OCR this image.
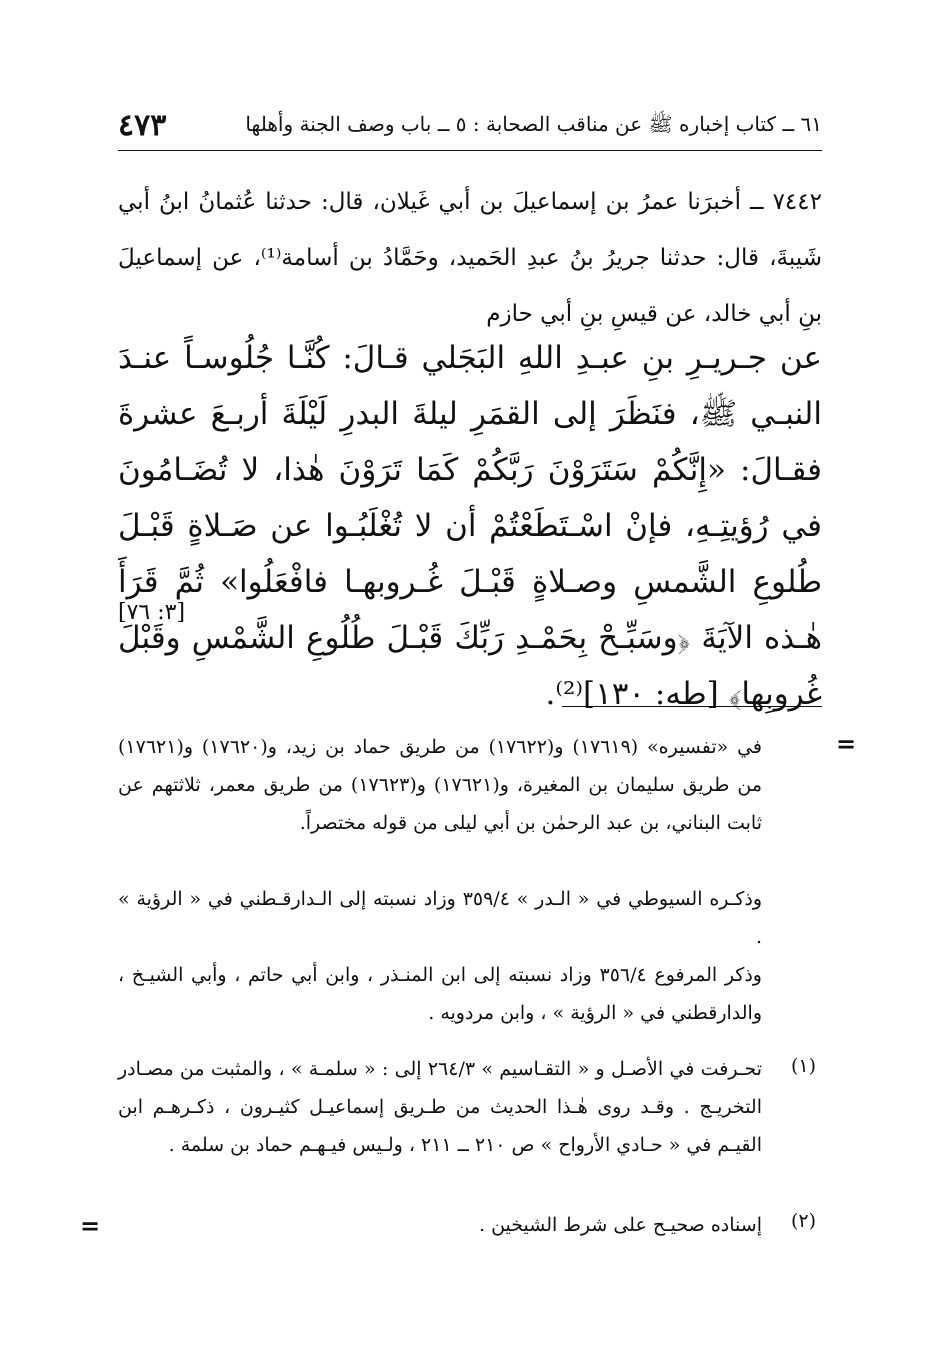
٤٧٣	٦١ ــ كتاب إخباره ﷺ عن مناقب الصحابة : ٥ ــ باب وصف الجنة وأهلها
٧٤٤٢ ــ أخبرَنا عمرُ بن إسماعيلَ بن أبي غَيلان، قال: حدثنا عُثمانُ ابنُ أبي شَيبةَ، قال: حدثنا جريرُ بنُ عبدِ الحَميد، وحَمَّادُ بن أسامة⁽¹⁾، عن إسماعيلَ بنِ أبي خالد، عن قيسِ بنِ أبي حازم
عن جـريـرِ بنِ عبـدِ اللهِ البَجَلي قـالَ: كُنَّـا جُلُوسـاً عنـدَ النبـي ﷺ، فنَظَرَ إلى القمَرِ ليلةَ البدرِ لَيْلَةَ أربـعَ عشرةَ فقـالَ: «إِنَّكُمْ سَتَرَوْنَ رَبَّكُمْ كَمَا تَرَوْنَ هٰذا، لا تُضَـامُونَ في رُؤيتِـهِ، فإنْ اسْـتَطَعْتُمْ أن لا تُغْلَبُـوا عن صَـلاةٍ قَبْـلَ طُلوعِ الشَّمسِ وصـلاةٍ قَبْـلَ غُـروبهـا فافْعَلُوا» ثُمَّ قَرَأَ هٰـذه الآيَةَ ﴿وسَبِّـحْ بِحَمْـدِ رَبِّكَ قَبْـلَ طُلُوعِ الشَّمْسِ وقَبْلَ غُروبِها﴾ [طه: ١٣٠]⁽²⁾.
[٣: ٧٦]
=
في «تفسيره» (١٧٦١٩) و(١٧٦٢٢) من طريق حماد بن زيد، و(١٧٦٢٠) و(١٧٦٢١) من طريق سليمان بن المغيرة، و(١٧٦٢١) و(١٧٦٢٣) من طريق معمر، ثلاثتهم عن ثابت البناني، بن عبد الرحمٰن بن أبي ليلى من قوله مختصراً.
وذكـره السيوطي في « الـدر » ٣٥٩/٤ وزاد نسبته إلى الـدارقـطني في « الرؤية » .
وذكر المرفوع ٣٥٦/٤ وزاد نسبته إلى ابن المنـذر ، وابن أبي حاتم ، وأبي الشيـخ ، والدارقطني في « الرؤية » ، وابن مردويه .
(١)
تحـرفت في الأصـل و « التقـاسيم » ٢٦٤/٣ إلى : « سلمـة » ، والمثبت من مصـادر التخريـج . وقـد روى هٰـذا الحديث من طـريق إسماعيـل كثيـرون ، ذكـرهـم ابن القيـم في « حـادي الأرواح » ص ٢١٠ ــ ٢١١ ، ولـيس فيـهـم حماد بن سلمة .
(٢)
إسناده صحيـح على شرط الشيخين .
=
